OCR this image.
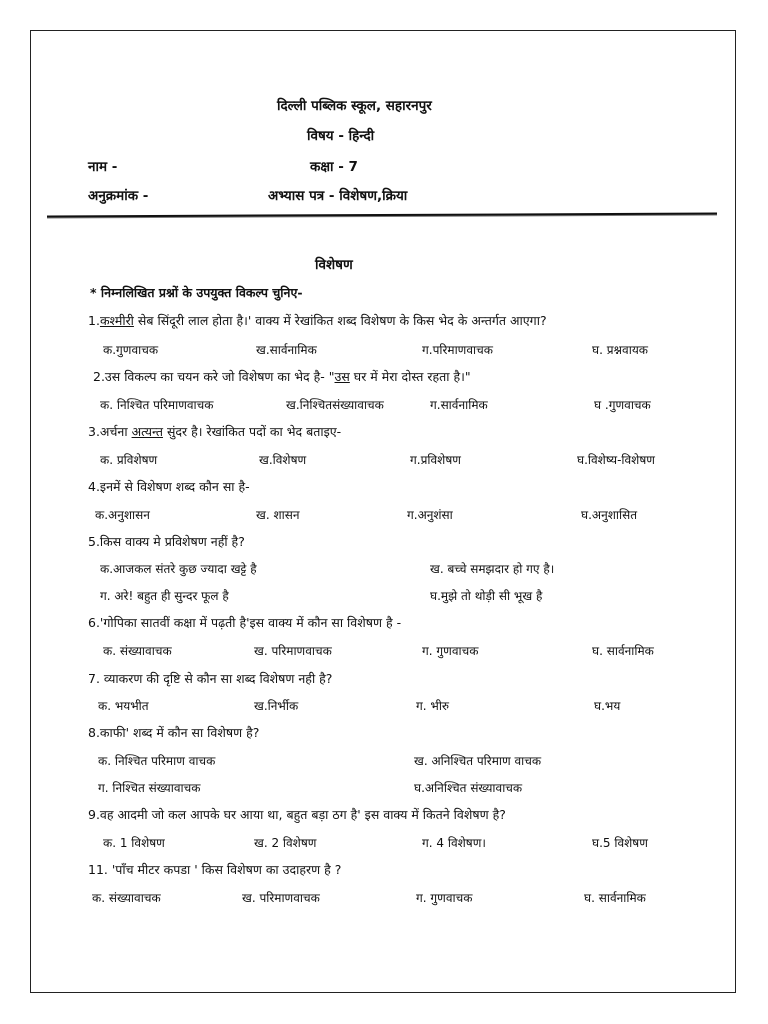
दिल्ली पब्लिक स्कूल, सहारनपुर
विषय - हिन्दी
नाम -	कक्षा - 7
अनुक्रमांक -	अभ्यास पत्र - विशेषण,क्रिया
विशेषण
* निम्नलिखित प्रश्नों के उपयुक्त विकल्प चुनिए-
1.कश्मीरी सेब सिंदूरी लाल होता है।' वाक्य में रेखांकित शब्द विशेषण के किस भेद के अन्तर्गत आएगा?
क.गुणवाचक	ख.सार्वनामिक	ग.परिमाणवाचक	घ. प्रश्नवायक
2.उस विकल्प का चयन करे जो विशेषण का भेद है- "उस घर में मेरा दोस्त रहता है।"
क. निश्चित परिमाणवाचक	ख.निश्चितसंख्यावाचक	ग.सार्वनामिक	घ .गुणवाचक
3.अर्चना अत्यन्त सुंदर है। रेखांकित पदों का भेद बताइए-
क. प्रविशेषण	ख.विशेषण	ग.प्रविशेषण	घ.विशेष्य-विशेषण
4.इनमें से विशेषण शब्द कौन सा है-
क.अनुशासन	ख. शासन	ग.अनुशंसा	घ.अनुशासित
5.किस वाक्य मे प्रविशेषण नहीं है?
क.आजकल संतरे कुछ ज्यादा खट्टे है	ख. बच्चे समझदार हो गए है।
ग. अरे! बहुत ही सुन्दर फूल है	घ.मुझे तो थोड़ी सी भूख है
6.'गोपिका सातवीं कक्षा में पढ़ती है'इस वाक्य में कौन सा विशेषण है -
क. संख्यावाचक	ख. परिमाणवाचक	ग. गुणवाचक	घ. सार्वनामिक
7. व्याकरण की दृष्टि से कौन सा शब्द विशेषण नही है?
क. भयभीत	ख.निर्भीक	ग. भीरु	घ.भय
8.काफी' शब्द में कौन सा विशेषण है?
क. निश्चित परिमाण वाचक	ख. अनिश्चित परिमाण वाचक
ग. निश्चित संख्यावाचक	घ.अनिश्चित संख्यावाचक
9.वह आदमी जो कल आपके घर आया था, बहुत बड़ा ठग है' इस वाक्य में कितने विशेषण है?
क. 1 विशेषण	ख. 2 विशेषण	ग. 4 विशेषण।	घ.5 विशेषण
11. 'पाँच मीटर कपडा ' किस विशेषण का उदाहरण है ?
क. संख्यावाचक	ख. परिमाणवाचक	ग. गुणवाचक	घ. सार्वनामिक
